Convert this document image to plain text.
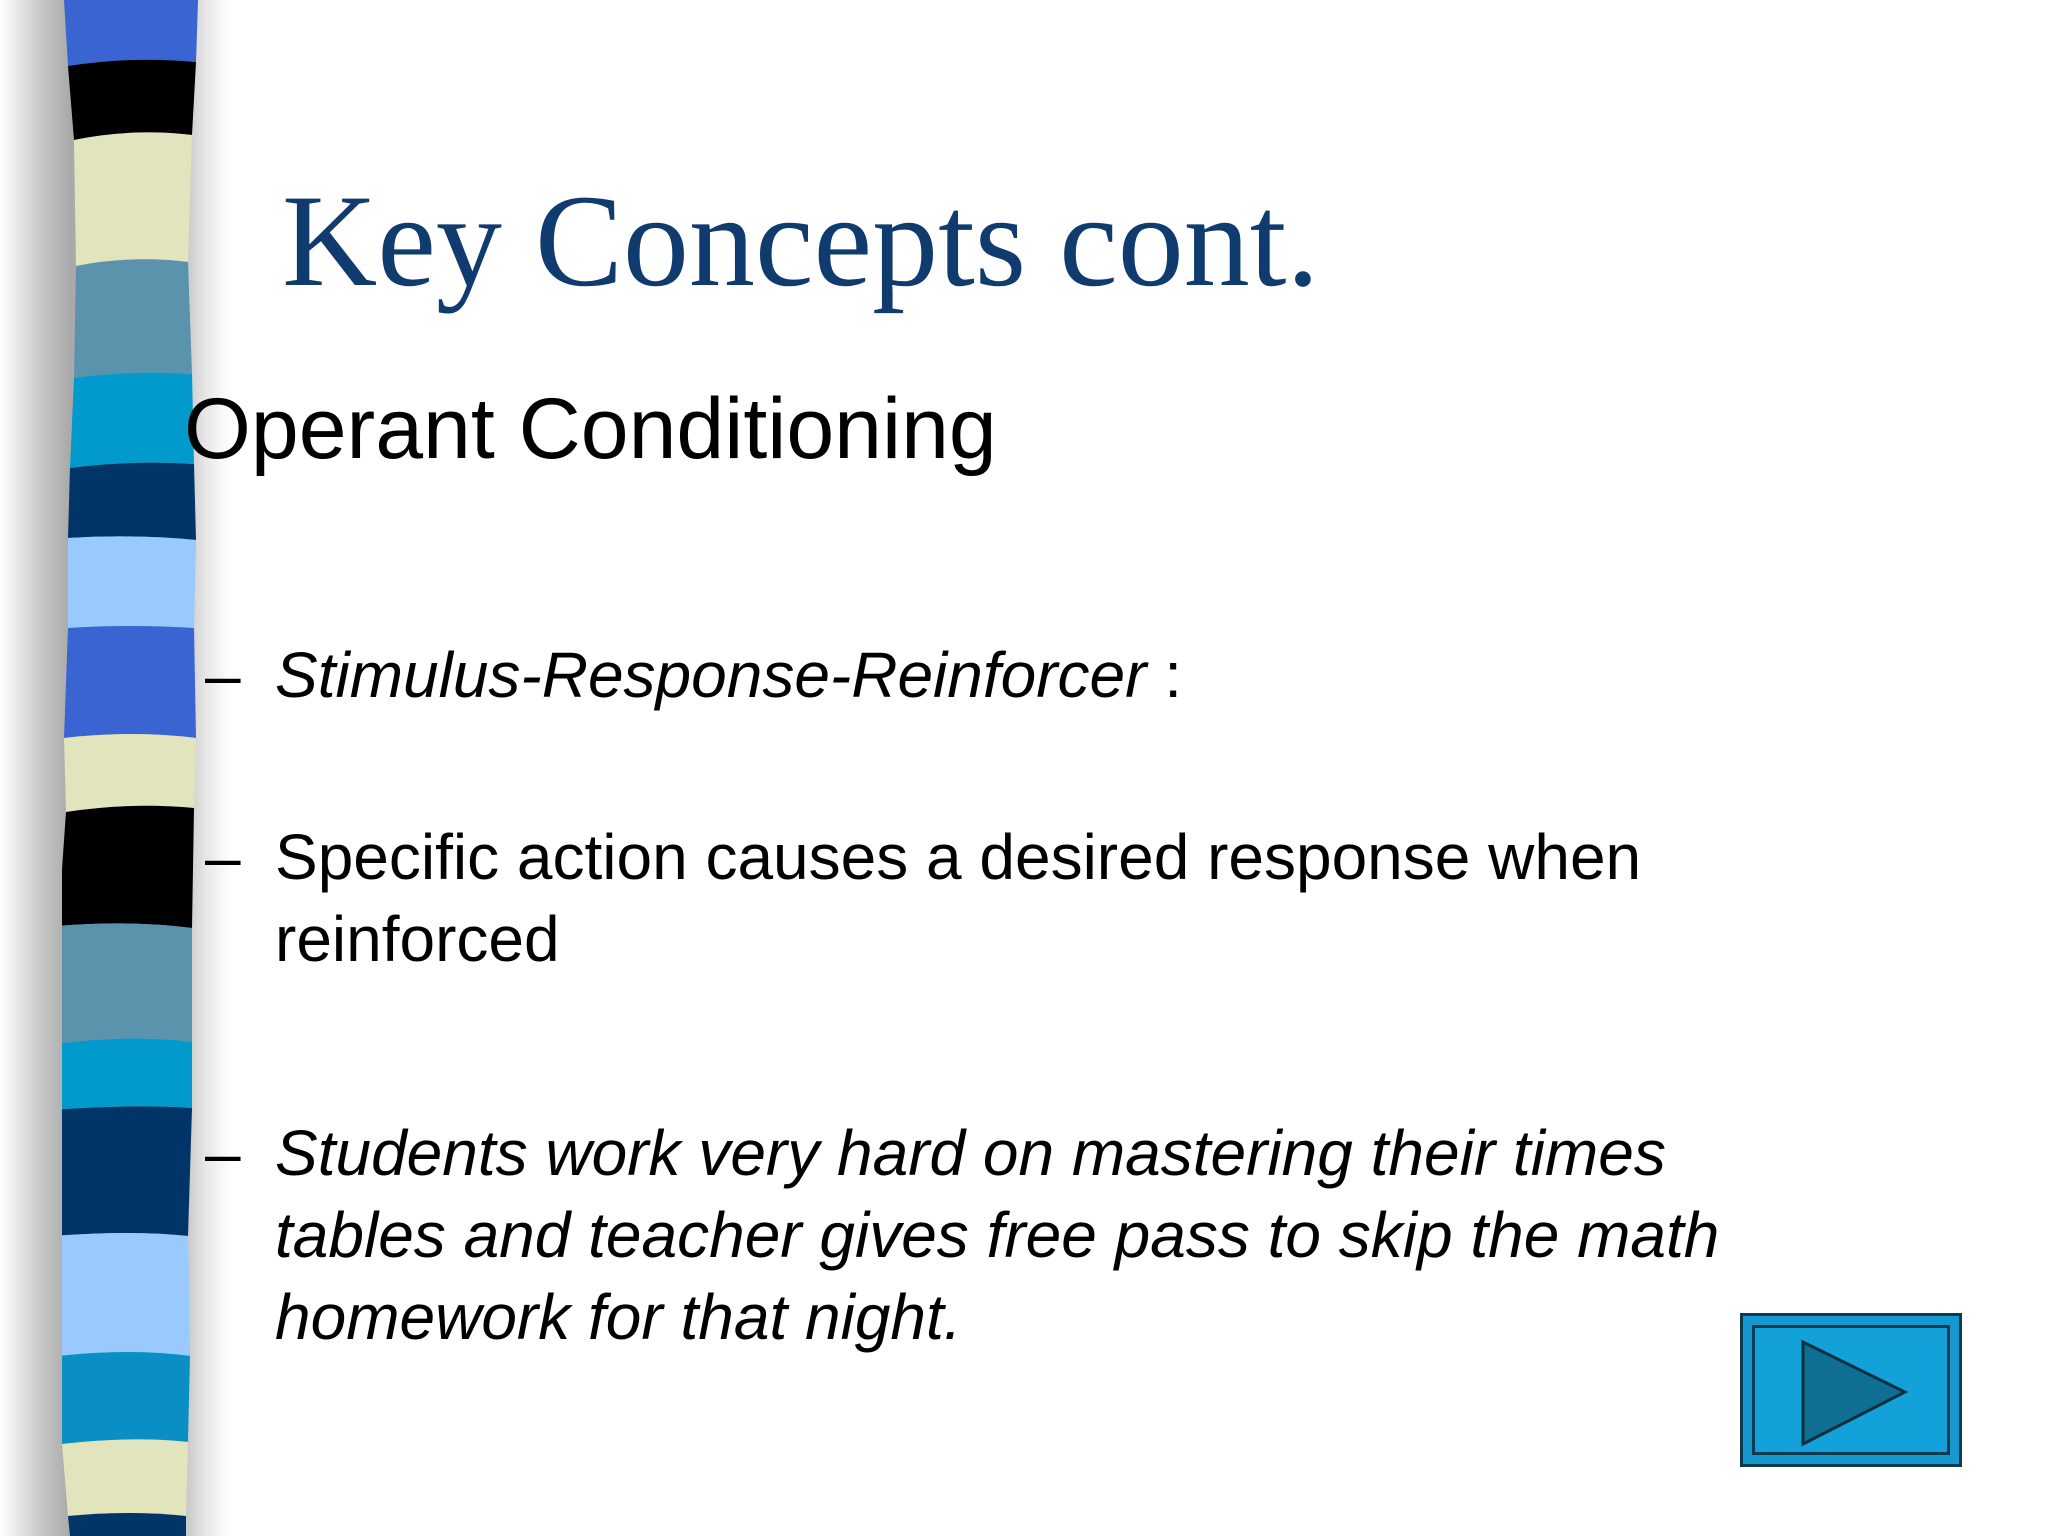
Key Concepts cont.
Operant Conditioning
– Stimulus-Response-Reinforcer :
– Specific action causes a desired response when reinforced
– Students work very hard on mastering their times tables and teacher gives free pass to skip the math homework for that night.
